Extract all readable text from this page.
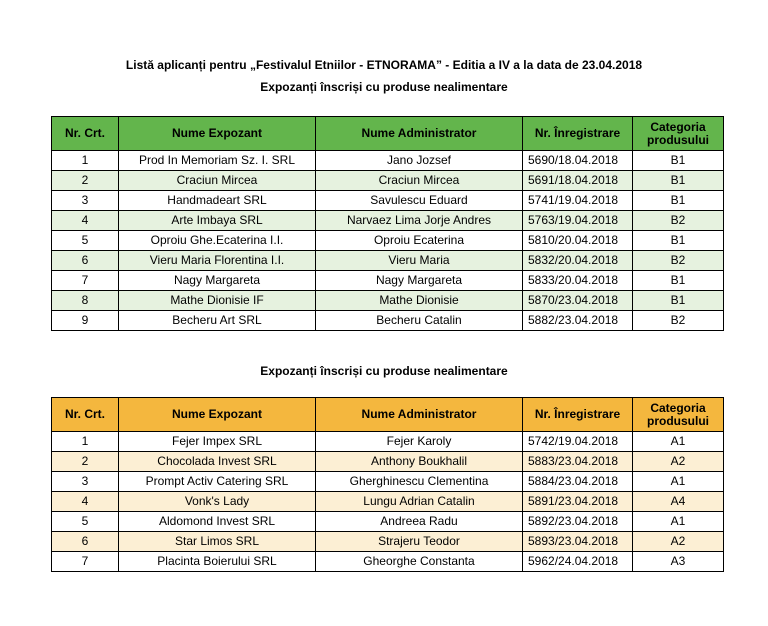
Listă aplicanți pentru „Festivalul Etniilor - ETNORAMA” - Editia a IV a la data de 23.04.2018
Expozanți înscriși cu produse nealimentare
Nr. Crt.	Nume Expozant	Nume Administrator	Nr. Înregistrare	Categoria produsului
1	Prod In Memoriam Sz. I. SRL	Jano Jozsef	5690/18.04.2018	B1
2	Craciun Mircea	Craciun Mircea	5691/18.04.2018	B1
3	Handmadeart SRL	Savulescu Eduard	5741/19.04.2018	B1
4	Arte Imbaya SRL	Narvaez Lima Jorje Andres	5763/19.04.2018	B2
5	Oproiu Ghe.Ecaterina I.I.	Oproiu Ecaterina	5810/20.04.2018	B1
6	Vieru Maria Florentina I.I.	Vieru Maria	5832/20.04.2018	B2
7	Nagy Margareta	Nagy Margareta	5833/20.04.2018	B1
8	Mathe Dionisie IF	Mathe Dionisie	5870/23.04.2018	B1
9	Becheru Art SRL	Becheru Catalin	5882/23.04.2018	B2
Expozanți înscriși cu produse nealimentare
Nr. Crt.	Nume Expozant	Nume Administrator	Nr. Înregistrare	Categoria produsului
1	Fejer Impex SRL	Fejer Karoly	5742/19.04.2018	A1
2	Chocolada Invest SRL	Anthony Boukhalil	5883/23.04.2018	A2
3	Prompt Activ Catering SRL	Gherghinescu Clementina	5884/23.04.2018	A1
4	Vonk's Lady	Lungu Adrian Catalin	5891/23.04.2018	A4
5	Aldomond Invest SRL	Andreea Radu	5892/23.04.2018	A1
6	Star Limos SRL	Strajeru Teodor	5893/23.04.2018	A2
7	Placinta Boierului SRL	Gheorghe Constanta	5962/24.04.2018	A3
